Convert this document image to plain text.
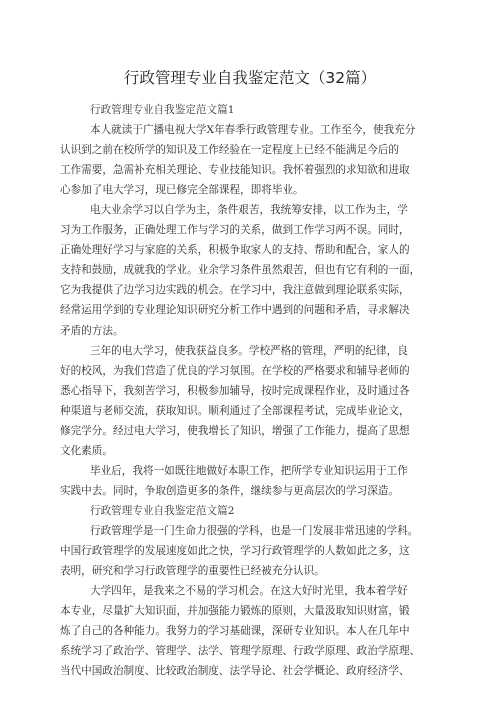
行政管理专业自我鉴定范文（32篇）
行政管理专业自我鉴定范文篇1
本人就读于广播电视大学X年春季行政管理专业。工作至今，使我充分
认识到之前在校所学的知识及工作经验在一定程度上已经不能满足今后的
工作需要，急需补充相关理论、专业技能知识。我怀着强烈的求知欲和进取
心参加了电大学习，现已修完全部课程，即将毕业。
电大业余学习以自学为主，条件艰苦，我统筹安排，以工作为主，学
习为工作服务，正确处理工作与学习的关系，做到工作学习两不误。同时，
正确处理好学习与家庭的关系，积极争取家人的支持、帮助和配合，家人的
支持和鼓励，成就我的学业。业余学习条件虽然艰苦，但也有它有利的一面，
它为我提供了边学习边实践的机会。在学习中，我注意做到理论联系实际，
经常运用学到的专业理论知识研究分析工作中遇到的问题和矛盾，寻求解决
矛盾的方法。
三年的电大学习，使我获益良多。学校严格的管理，严明的纪律，良
好的校风，为我们营造了优良的学习氛围。在学校的严格要求和辅导老师的
悉心指导下，我刻苦学习，积极参加辅导，按时完成课程作业，及时通过各
种渠道与老师交流，获取知识。顺利通过了全部课程考试，完成毕业论文，
修完学分。经过电大学习，使我增长了知识，增强了工作能力，提高了思想
文化素质。
毕业后，我将一如既往地做好本职工作，把所学专业知识运用于工作
实践中去。同时，争取创造更多的条件，继续参与更高层次的学习深造。
行政管理专业自我鉴定范文篇2
行政管理学是一门生命力很强的学科，也是一门发展非常迅速的学科。
中国行政管理学的发展速度如此之快，学习行政管理学的人数如此之多，这
表明，研究和学习行政管理学的重要性已经被充分认识。
大学四年，是我来之不易的学习机会。在这大好时光里，我本着学好
本专业，尽量扩大知识面，并加强能力锻炼的原则，大量汲取知识财富，锻
炼了自己的各种能力。我努力的学习基础课，深研专业知识。本人在几年中
系统学习了政治学、管理学、法学、管理学原理、行政学原理、政治学原理、
当代中国政治制度、比较政治制度、法学导论、社会学概论、政府经济学、
